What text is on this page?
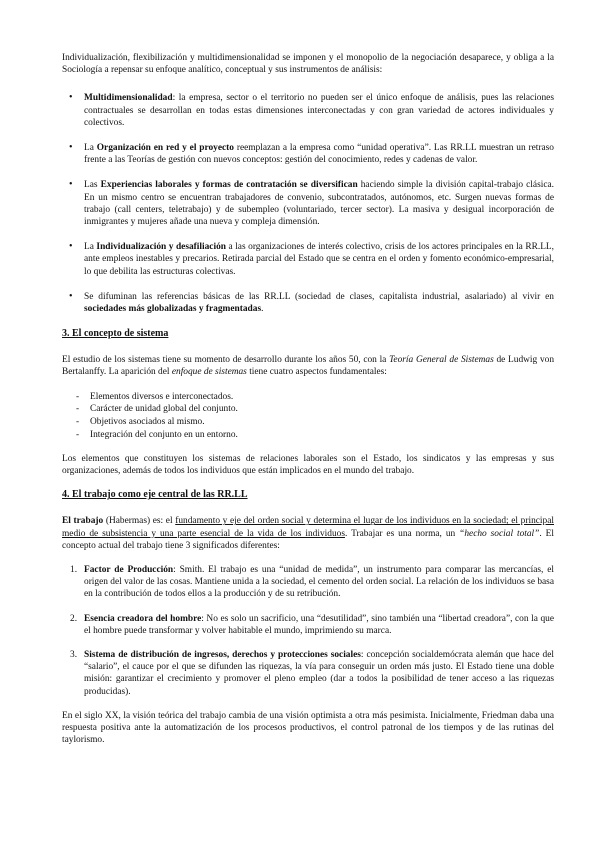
Individualización, flexibilización y multidimensionalidad se imponen y el monopolio de la negociación desaparece, y obliga a la Sociología a repensar su enfoque analítico, conceptual y sus instrumentos de análisis:

• Multidimensionalidad: la empresa, sector o el territorio no pueden ser el único enfoque de análisis, pues las relaciones contractuales se desarrollan en todas estas dimensiones interconectadas y con gran variedad de actores individuales y colectivos.
• La Organización en red y el proyecto reemplazan a la empresa como “unidad operativa”. Las RR.LL muestran un retraso frente a las Teorías de gestión con nuevos conceptos: gestión del conocimiento, redes y cadenas de valor.
• Las Experiencias laborales y formas de contratación se diversifican haciendo simple la división capital-trabajo clásica. En un mismo centro se encuentran trabajadores de convenio, subcontratados, autónomos, etc. Surgen nuevas formas de trabajo (call centers, teletrabajo) y de subempleo (voluntariado, tercer sector). La masiva y desigual incorporación de inmigrantes y mujeres añade una nueva y compleja dimensión.
• La Individualización y desafiliación a las organizaciones de interés colectivo, crisis de los actores principales en la RR.LL, ante empleos inestables y precarios. Retirada parcial del Estado que se centra en el orden y fomento económico-empresarial, lo que debilita las estructuras colectivas.
• Se difuminan las referencias básicas de las RR.LL (sociedad de clases, capitalista industrial, asalariado) al vivir en sociedades más globalizadas y fragmentadas.
3. El concepto de sistema

El estudio de los sistemas tiene su momento de desarrollo durante los años 50, con la Teoría General de Sistemas de Ludwig von Bertalanffy. La aparición del enfoque de sistemas tiene cuatro aspectos fundamentales:

- Elementos diversos e interconectados.
- Carácter de unidad global del conjunto.
- Objetivos asociados al mismo.
- Integración del conjunto en un entorno.

Los elementos que constituyen los sistemas de relaciones laborales son el Estado, los sindicatos y las empresas y sus organizaciones, además de todos los individuos que están implicados en el mundo del trabajo.

4. El trabajo como eje central de las RR.LL

El trabajo (Habermas) es: el fundamento y eje del orden social y determina el lugar de los individuos en la sociedad; el principal medio de subsistencia y una parte esencial de la vida de los individuos. Trabajar es una norma, un “hecho social total”. El concepto actual del trabajo tiene 3 significados diferentes:

1. Factor de Producción: Smith. El trabajo es una “unidad de medida”, un instrumento para comparar las mercancías, el origen del valor de las cosas. Mantiene unida a la sociedad, el cemento del orden social. La relación de los individuos se basa en la contribución de todos ellos a la producción y de su retribución.
2. Esencia creadora del hombre: No es solo un sacrificio, una “desutilidad”, sino también una “libertad creadora”, con la que el hombre puede transformar y volver habitable el mundo, imprimiendo su marca.
3. Sistema de distribución de ingresos, derechos y protecciones sociales: concepción socialdemócrata alemán que hace del “salario”, el cauce por el que se difunden las riquezas, la vía para conseguir un orden más justo. El Estado tiene una doble misión: garantizar el crecimiento y promover el pleno empleo (dar a todos la posibilidad de tener acceso a las riquezas producidas).

En el siglo XX, la visión teórica del trabajo cambia de una visión optimista a otra más pesimista. Inicialmente, Friedman daba una respuesta positiva ante la automatización de los procesos productivos, el control patronal de los tiempos y de las rutinas del taylorismo.
